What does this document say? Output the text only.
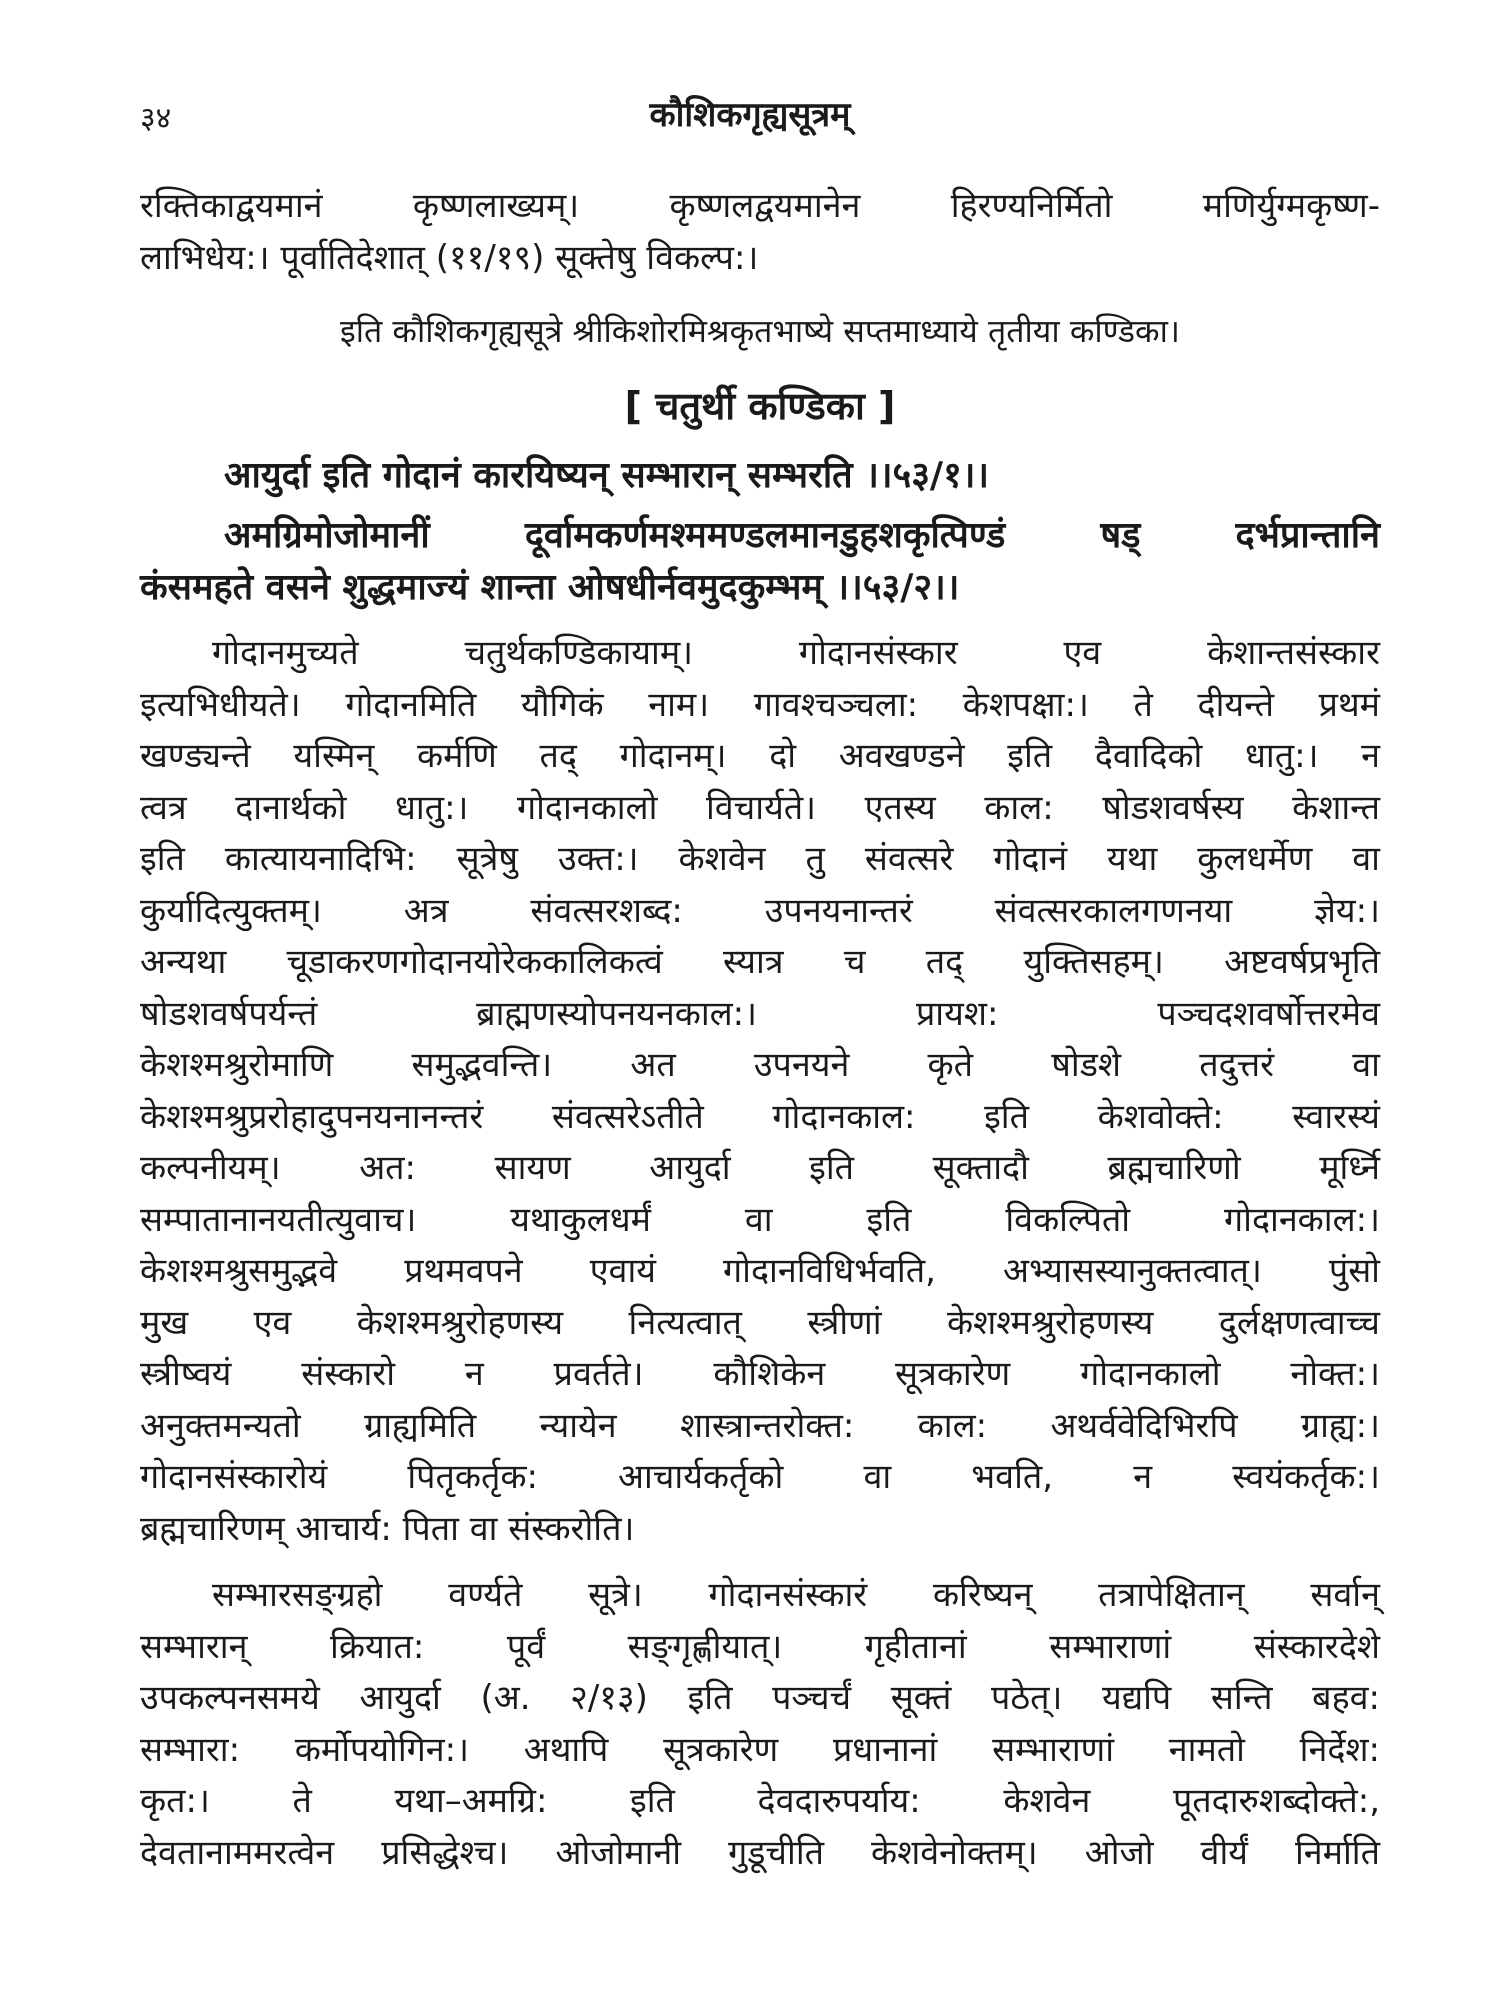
३४	कौशिकगृह्यसूत्रम्
रक्तिकाद्वयमानं कृष्णलाख्यम्। कृष्णलद्वयमानेन हिरण्यनिर्मितो मणिर्युग्मकृष्ण-
लाभिधेय:। पूर्वातिदेशात् (११/१९) सूक्तेषु विकल्प:।
इति कौशिकगृह्यसूत्रे श्रीकिशोरमिश्रकृतभाष्ये सप्तमाध्याये तृतीया कण्डिका।
[ चतुर्थी कण्डिका ]
आयुर्दा इति गोदानं कारयिष्यन् सम्भारान् सम्भरति ।।५३/१।।
अमग्रिमोजोमानीं दूर्वामकर्णमश्ममण्डलमानडुहशकृत्पिण्डं षड् दर्भप्रान्तानि
कंसमहते वसने शुद्धमाज्यं शान्ता ओषधीर्नवमुदकुम्भम् ।।५३/२।।
गोदानमुच्यते चतुर्थकण्डिकायाम्। गोदानसंस्कार एव केशान्तसंस्कार
इत्यभिधीयते। गोदानमिति यौगिकं नाम। गावश्चञ्चला: केशपक्षा:। ते दीयन्ते प्रथमं
खण्ड्यन्ते यस्मिन् कर्मणि तद् गोदानम्। दो अवखण्डने इति दैवादिको धातु:। न
त्वत्र दानार्थको धातु:। गोदानकालो विचार्यते। एतस्य काल: षोडशवर्षस्य केशान्त
इति कात्यायनादिभि: सूत्रेषु उक्त:। केशवेन तु संवत्सरे गोदानं यथा कुलधर्मेण वा
कुर्यादित्युक्तम्। अत्र संवत्सरशब्द: उपनयनान्तरं संवत्सरकालगणनया ज्ञेय:।
अन्यथा चूडाकरणगोदानयोरेककालिकत्वं स्यात्र च तद् युक्तिसहम्। अष्टवर्षप्रभृति
षोडशवर्षपर्यन्तं ब्राह्मणस्योपनयनकाल:। प्रायश: पञ्चदशवर्षोत्तरमेव
केशश्मश्रुरोमाणि समुद्भवन्ति। अत उपनयने कृते षोडशे तदुत्तरं वा
केशश्मश्रुप्ररोहादुपनयनानन्तरं संवत्सरेऽतीते गोदानकाल: इति केशवोक्ते: स्वारस्यं
कल्पनीयम्। अत: सायण आयुर्दा इति सूक्तादौ ब्रह्मचारिणो मूर्ध्नि
सम्पातानानयतीत्युवाच। यथाकुलधर्मं वा इति विकल्पितो गोदानकाल:।
केशश्मश्रुसमुद्भवे प्रथमवपने एवायं गोदानविधिर्भवति, अभ्यासस्यानुक्तत्वात्। पुंसो
मुख एव केशश्मश्रुरोहणस्य नित्यत्वात् स्त्रीणां केशश्मश्रुरोहणस्य दुर्लक्षणत्वाच्च
स्त्रीष्वयं संस्कारो न प्रवर्तते। कौशिकेन सूत्रकारेण गोदानकालो नोक्त:।
अनुक्तमन्यतो ग्राह्यमिति न्यायेन शास्त्रान्तरोक्त: काल: अथर्ववेदिभिरपि ग्राह्य:।
गोदानसंस्कारोयं पितृकर्तृक: आचार्यकर्तृको वा भवति, न स्वयंकर्तृक:।
ब्रह्मचारिणम् आचार्य: पिता वा संस्करोति।
सम्भारसङ्ग्रहो वर्ण्यते सूत्रे। गोदानसंस्कारं करिष्यन् तत्रापेक्षितान् सर्वान्
सम्भारान् क्रियात: पूर्वं सङ्गृह्णीयात्। गृहीतानां सम्भाराणां संस्कारदेशे
उपकल्पनसमये आयुर्दा (अ. २/१३) इति पञ्चर्चं सूक्तं पठेत्। यद्यपि सन्ति बहव:
सम्भारा: कर्मोपयोगिन:। अथापि सूत्रकारेण प्रधानानां सम्भाराणां नामतो निर्देश:
कृत:। ते यथा–अमग्रि: इति देवदारुपर्याय: केशवेन पूतदारुशब्दोक्ते:,
देवतानाममरत्वेन प्रसिद्धेश्च। ओजोमानी गुडूचीति केशवेनोक्तम्। ओजो वीर्यं निर्माति
